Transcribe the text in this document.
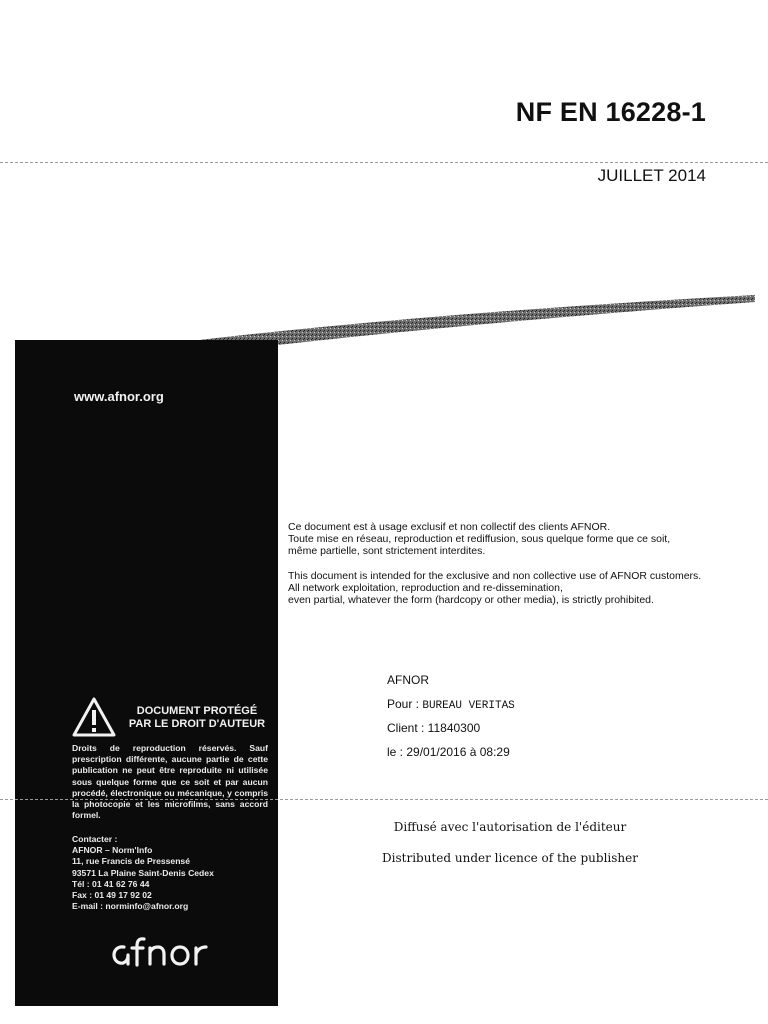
NF EN 16228-1
JUILLET 2014
www.afnor.org
Ce document est à usage exclusif et non collectif des clients AFNOR.
Toute mise en réseau, reproduction et rediffusion, sous quelque forme que ce soit,
même partielle, sont strictement interdites.
This document is intended for the exclusive and non collective use of AFNOR customers.
All network exploitation, reproduction and re-dissemination,
even partial, whatever the form (hardcopy or other media), is strictly prohibited.
AFNOR
Pour : BUREAU VERITAS
Client : 11840300
le : 29/01/2016 à 08:29
DOCUMENT PROTÉGÉ
PAR LE DROIT D'AUTEUR
Droits de reproduction réservés. Sauf prescription différente, aucune partie de cette publication ne peut être reproduite ni utilisée sous quelque forme que ce soit et par aucun procédé, électronique ou mécanique, y compris la photocopie et les microfilms, sans accord formel.
Contacter :
AFNOR – Norm'Info
11, rue Francis de Pressensé
93571 La Plaine Saint-Denis Cedex
Tél : 01 41 62 76 44
Fax : 01 49 17 92 02
E-mail : norminfo@afnor.org
Diffusé avec l'autorisation de l'éditeur
Distributed under licence of the publisher
